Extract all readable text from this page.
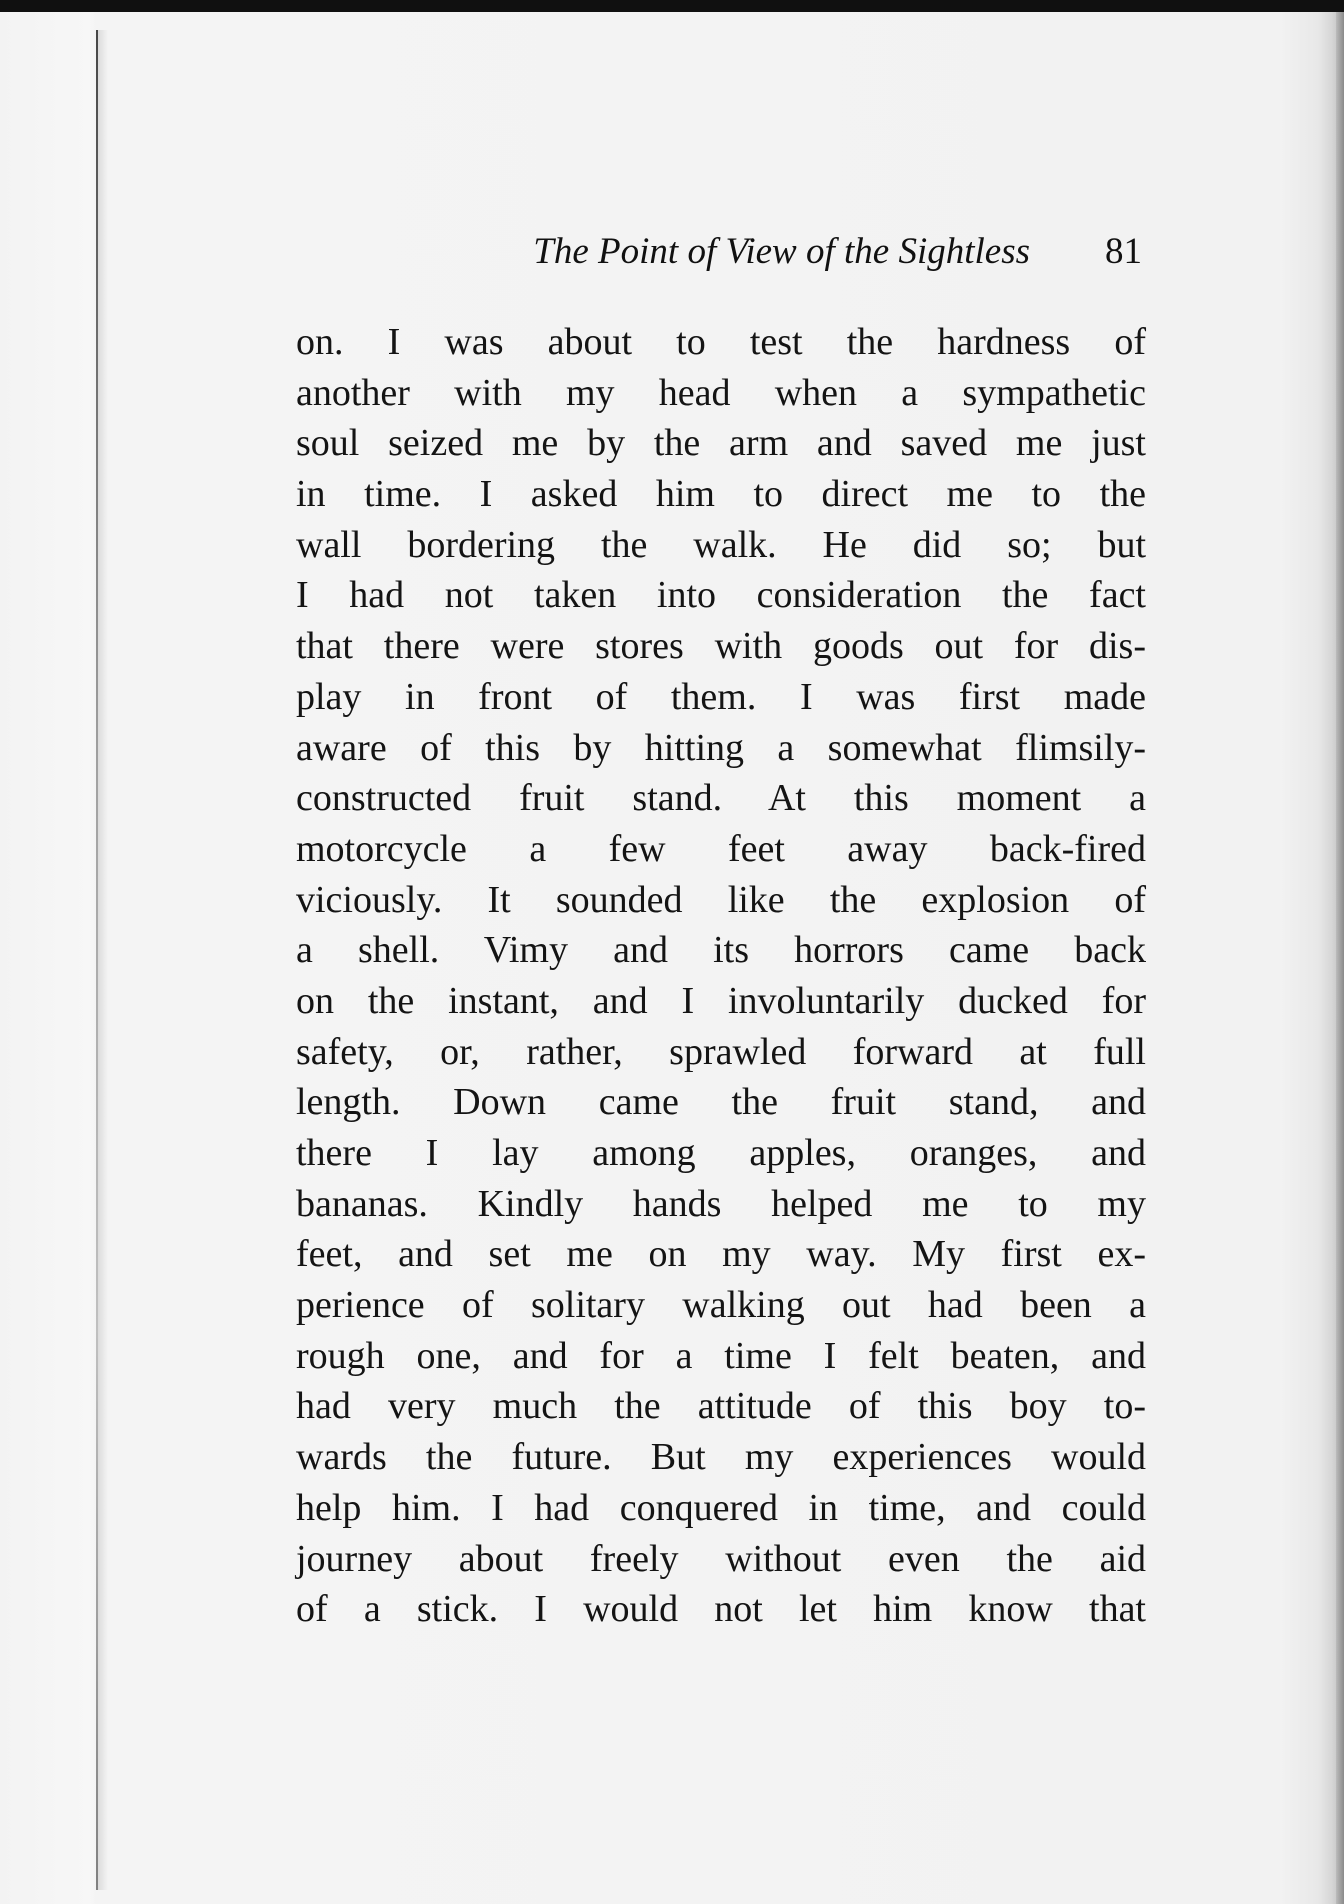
The Point of View of the Sightless 81
on. I was about to test the hardness of
another with my head when a sympathetic
soul seized me by the arm and saved me just
in time. I asked him to direct me to the
wall bordering the walk. He did so; but
I had not taken into consideration the fact
that there were stores with goods out for dis-
play in front of them. I was first made
aware of this by hitting a somewhat flimsily-
constructed fruit stand. At this moment a
motorcycle a few feet away back-fired
viciously. It sounded like the explosion of
a shell. Vimy and its horrors came back
on the instant, and I involuntarily ducked for
safety, or, rather, sprawled forward at full
length. Down came the fruit stand, and
there I lay among apples, oranges, and
bananas. Kindly hands helped me to my
feet, and set me on my way. My first ex-
perience of solitary walking out had been a
rough one, and for a time I felt beaten, and
had very much the attitude of this boy to-
wards the future. But my experiences would
help him. I had conquered in time, and could
journey about freely without even the aid
of a stick. I would not let him know that
